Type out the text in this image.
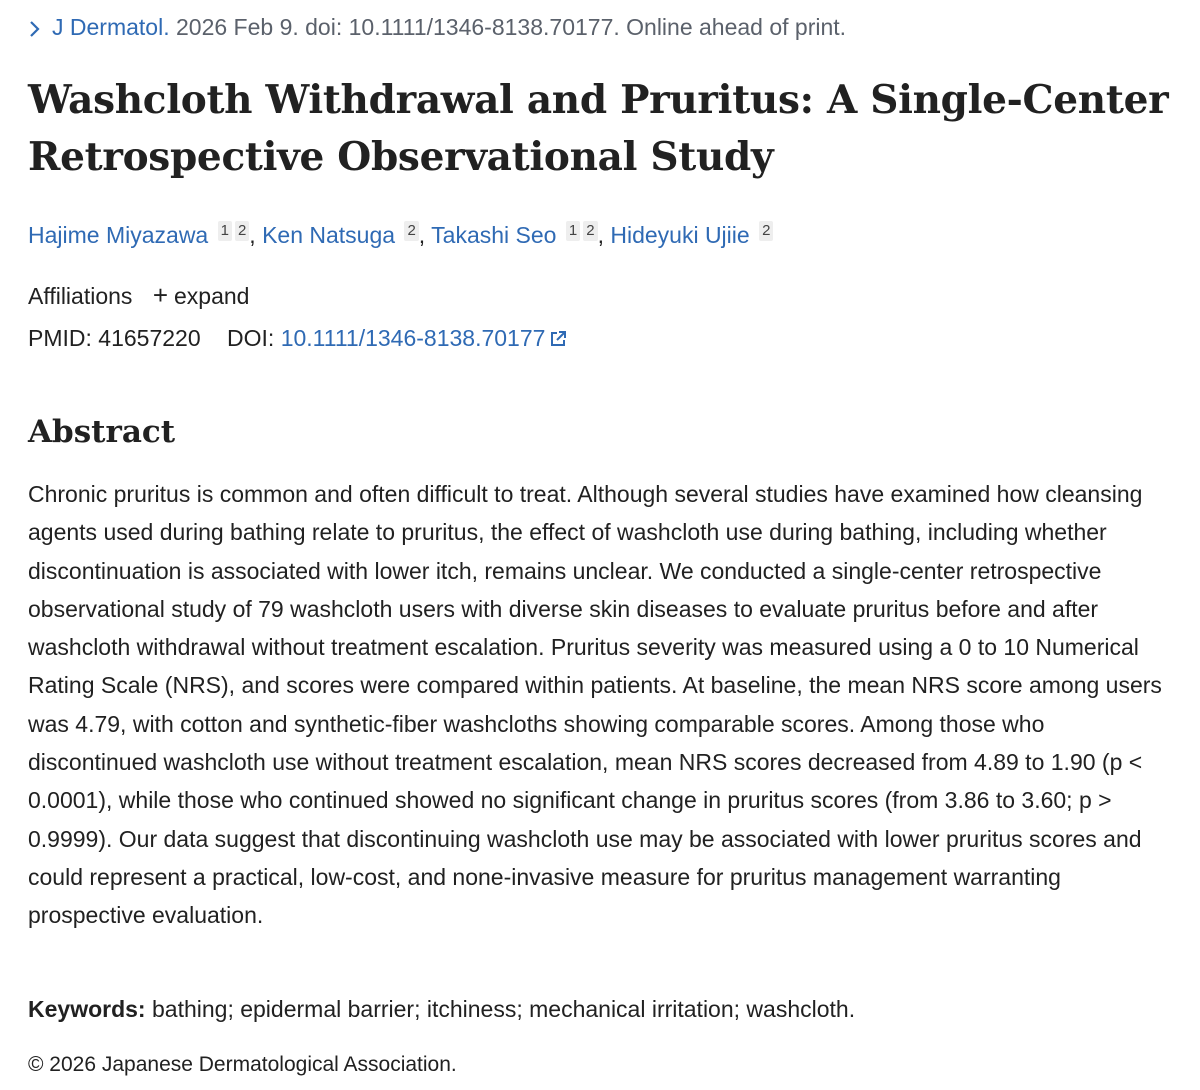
J Dermatol. 2026 Feb 9. doi: 10.1111/1346-8138.70177. Online ahead of print.
Washcloth Withdrawal and Pruritus: A Single-Center Retrospective Observational Study
Hajime Miyazawa 1 2 , Ken Natsuga 2 , Takashi Seo 1 2 , Hideyuki Ujiie 2
Affiliations + expand
PMID: 41657220 DOI: 10.1111/1346-8138.70177
Abstract

Chronic pruritus is common and often difficult to treat. Although several studies have examined how cleansing agents used during bathing relate to pruritus, the effect of washcloth use during bathing, including whether discontinuation is associated with lower itch, remains unclear. We conducted a single-center retrospective observational study of 79 washcloth users with diverse skin diseases to evaluate pruritus before and after washcloth withdrawal without treatment escalation. Pruritus severity was measured using a 0 to 10 Numerical Rating Scale (NRS), and scores were compared within patients. At baseline, the mean NRS score among users was 4.79, with cotton and synthetic-fiber washcloths showing comparable scores. Among those who discontinued washcloth use without treatment escalation, mean NRS scores decreased from 4.89 to 1.90 (p < 0.0001), while those who continued showed no significant change in pruritus scores (from 3.86 to 3.60; p > 0.9999). Our data suggest that discontinuing washcloth use may be associated with lower pruritus scores and could represent a practical, low-cost, and none-invasive measure for pruritus management warranting prospective evaluation.

Keywords: bathing; epidermal barrier; itchiness; mechanical irritation; washcloth.
© 2026 Japanese Dermatological Association.
